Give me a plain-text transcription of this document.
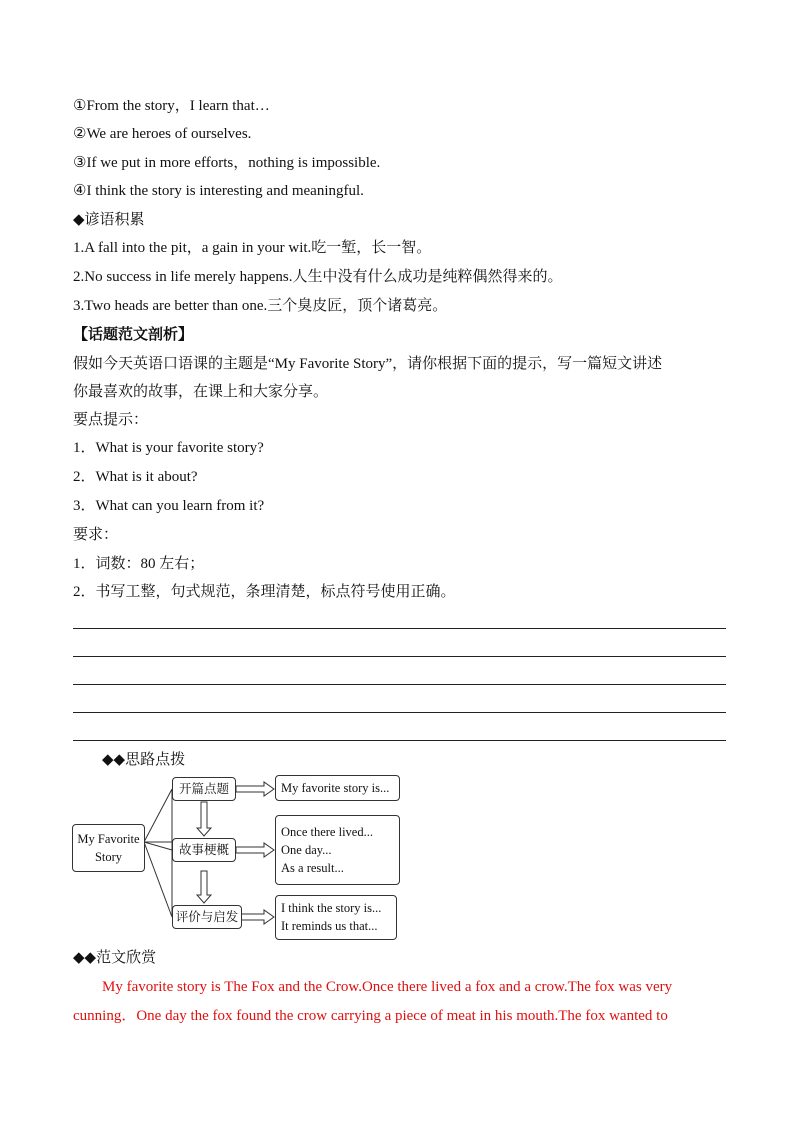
①From the story，I learn that…
②We are heroes of ourselves.
③If we put in more efforts，nothing is impossible.
④I think the story is interesting and meaningful.
◆谚语积累
1.A fall into the pit，a gain in your wit.吃一堑，长一智。
2.No success in life merely happens.人生中没有什么成功是纯粹偶然得来的。
3.Two heads are better than one.三个臭皮匠，顶个诸葛亮。
【话题范文剖析】
假如今天英语口语课的主题是“My Favorite Story”，请你根据下面的提示，写一篇短文讲述
你最喜欢的故事，在课上和大家分享。
要点提示：
1．What is your favorite story?
2．What is it about?
3．What can you learn from it?
要求：
1．词数：80 左右；
2．书写工整，句式规范，条理清楚，标点符号使用正确。
◆◆思路点拨
My Favorite Story
开篇点题
故事梗概
评价与启发
My favorite story is...
Once there lived...
One day...
As a result...
I think the story is...
It reminds us that...
◆◆范文欣赏
My favorite story is The Fox and the Crow.Once there lived a fox and a crow.The fox was very
cunning．One day the fox found the crow carrying a piece of meat in his mouth.The fox wanted to
